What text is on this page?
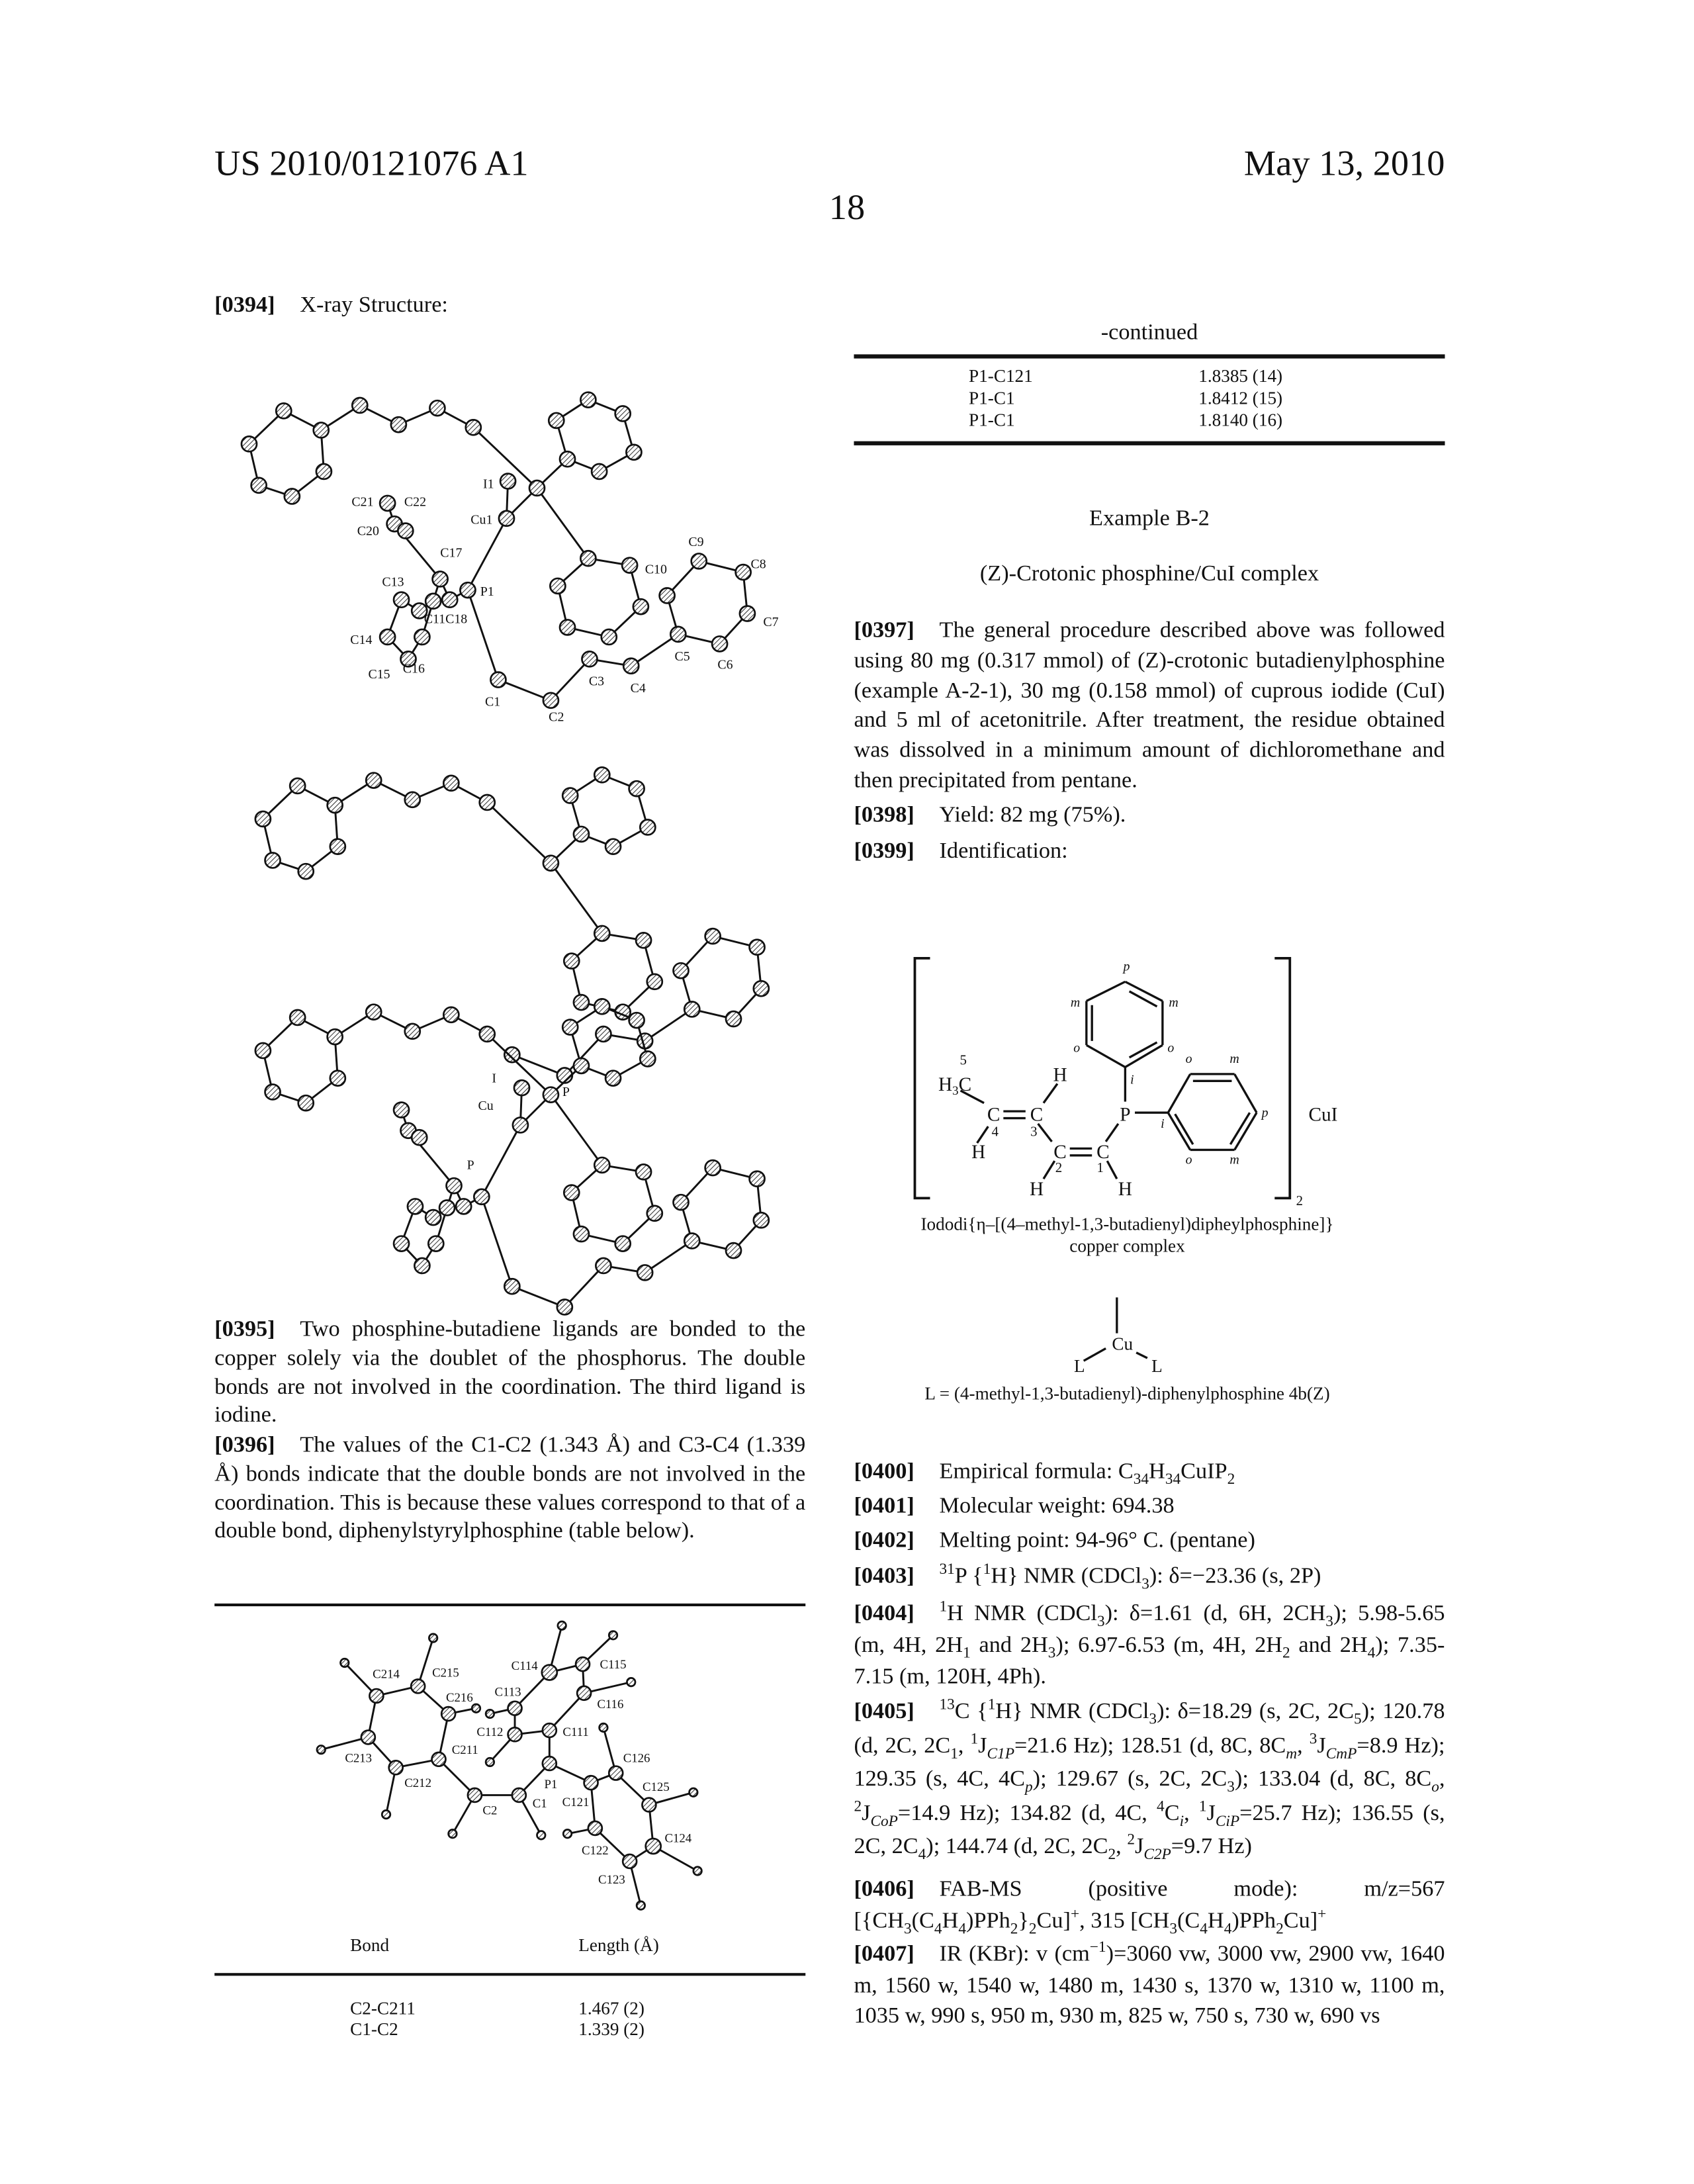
US 2010/0121076 A1	May 13, 2010
18
[0394] X-ray Structure:
[0395] Two phosphine-butadiene ligands are bonded to the copper solely via the doublet of the phosphorus. The double bonds are not involved in the coordination. The third ligand is iodine.
[0396] The values of the C1-C2 (1.343 Å) and C3-C4 (1.339 Å) bonds indicate that the double bonds are not involved in the coordination. This is because these values correspond to that of a double bond, diphenylstyrylphosphine (table below).
Bond	Length (Å)
C2-C211	1.467 (2)
C1-C2	1.339 (2)
-continued
P1-C121	1.8385 (14)
P1-C1	1.8412 (15)
P1-C1	1.8140 (16)
Example B-2
(Z)-Crotonic phosphine/CuI complex
[0397] The general procedure described above was followed using 80 mg (0.317 mmol) of (Z)-crotonic butadienylphosphine (example A-2-1), 30 mg (0.158 mmol) of cuprous iodide (CuI) and 5 ml of acetonitrile. After treatment, the residue obtained was dissolved in a minimum amount of dichloromethane and then precipitated from pentane.
[0398] Yield: 82 mg (75%).
[0399] Identification:
Iododi{η–[(4–methyl-1,3-butadienyl)dipheylphosphine]}
copper complex
L = (4-methyl-1,3-butadienyl)-diphenylphosphine 4b(Z)
[0400] Empirical formula: C34H34CuIP2
[0401] Molecular weight: 694.38
[0402] Melting point: 94-96° C. (pentane)
[0403]	31P {1H} NMR (CDCl3): δ=−23.36 (s, 2P)
[0404]	1H NMR (CDCl3): δ=1.61 (d, 6H, 2CH3); 5.98-5.65 (m, 4H, 2H1 and 2H3); 6.97-6.53 (m, 4H, 2H2 and 2H4); 7.35-7.15 (m, 120H, 4Ph).
[0405]	13C {1H} NMR (CDCl3): δ=18.29 (s, 2C, 2C5); 120.78 (d, 2C, 2C1, 1JC1P=21.6 Hz); 128.51 (d, 8C, 8Cm, 3JCmP=8.9 Hz); 129.35 (s, 4C, 4Cp); 129.67 (s, 2C, 2C3); 133.04 (d, 8C, 8Co, 2JCoP=14.9 Hz); 134.82 (d, 4C, 4Ci, 1JCiP=25.7 Hz); 136.55 (s, 2C, 2C4); 144.74 (d, 2C, 2C2, 2JC2P=9.7 Hz)
[0406] FAB-MS (positive mode): m/z=567 [{CH3(C4H4)PPh2}2Cu]+, 315 [CH3(C4H4)PPh2Cu]+
[0407] IR (KBr): v (cm−1)=3060 vw, 3000 vw, 2900 vw, 1640 m, 1560 w, 1540 w, 1480 m, 1430 s, 1370 w, 1310 w, 1100 m, 1035 w, 990 s, 950 m, 930 m, 825 w, 750 s, 730 w, 690 vs
I1
Cu1
C21	C22
C20
C17
C13
P1
C11C18
C14
C16
C15
C1
C2
C3	C4
C5
C6
C7
C8
C9
C10
I
Cu
P
P
C214	C215
C216	C113
C114	C115
C116
C112	C111
C211
C213
C212	P1
C1
C2
C121
C126
C125
C124
C122
C123
p
m	m
o	o
i
o	m
p
i
o	m
H3C
5
C	C
C	C
P
4	3
2	1
H
H
H	H
CuI
2
Cu
L	L
